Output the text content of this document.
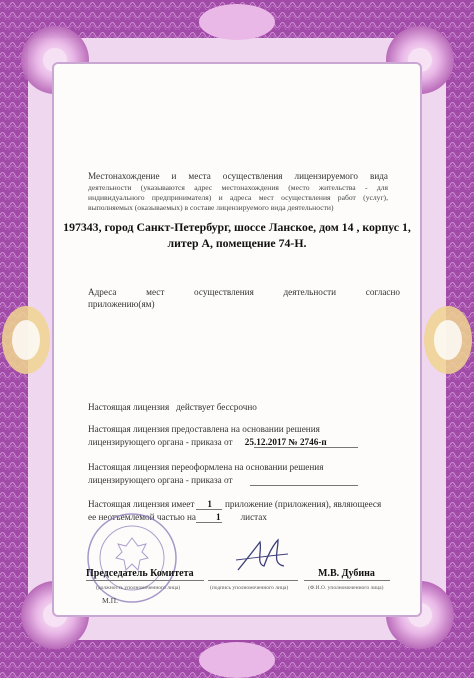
Местонахождение и места осуществления лицензируемого вида
деятельности (указываются адрес местонахождения (место жительства - для
индивидуального предпринимателя) и адреса мест осуществления работ (услуг),
выполняемых (оказываемых) в составе лицензируемого вида деятельности)
197343, город Санкт-Петербург, шоссе Ланское, дом 14 , корпус 1,
литер А, помещение 74-Н.
Адреса мест осуществления деятельности согласно
приложению(ям)
Настоящая лицензия действует бессрочно
Настоящая лицензия предоставлена на основании решения
лицензирующего органа - приказа от 25.12.2017 № 2746-п
Настоящая лицензия переоформлена на основании решения
лицензирующего органа - приказа от
Настоящая лицензия имеет 1 приложение (приложения), являющееся
ее неотъемлемой частью на 1 листах
Председатель Комитета
(должность уполномоченного лица)	(подпись уполномоченного лица)
М.В. Дубина
(Ф.И.О. уполномоченного лица)
М.П.
